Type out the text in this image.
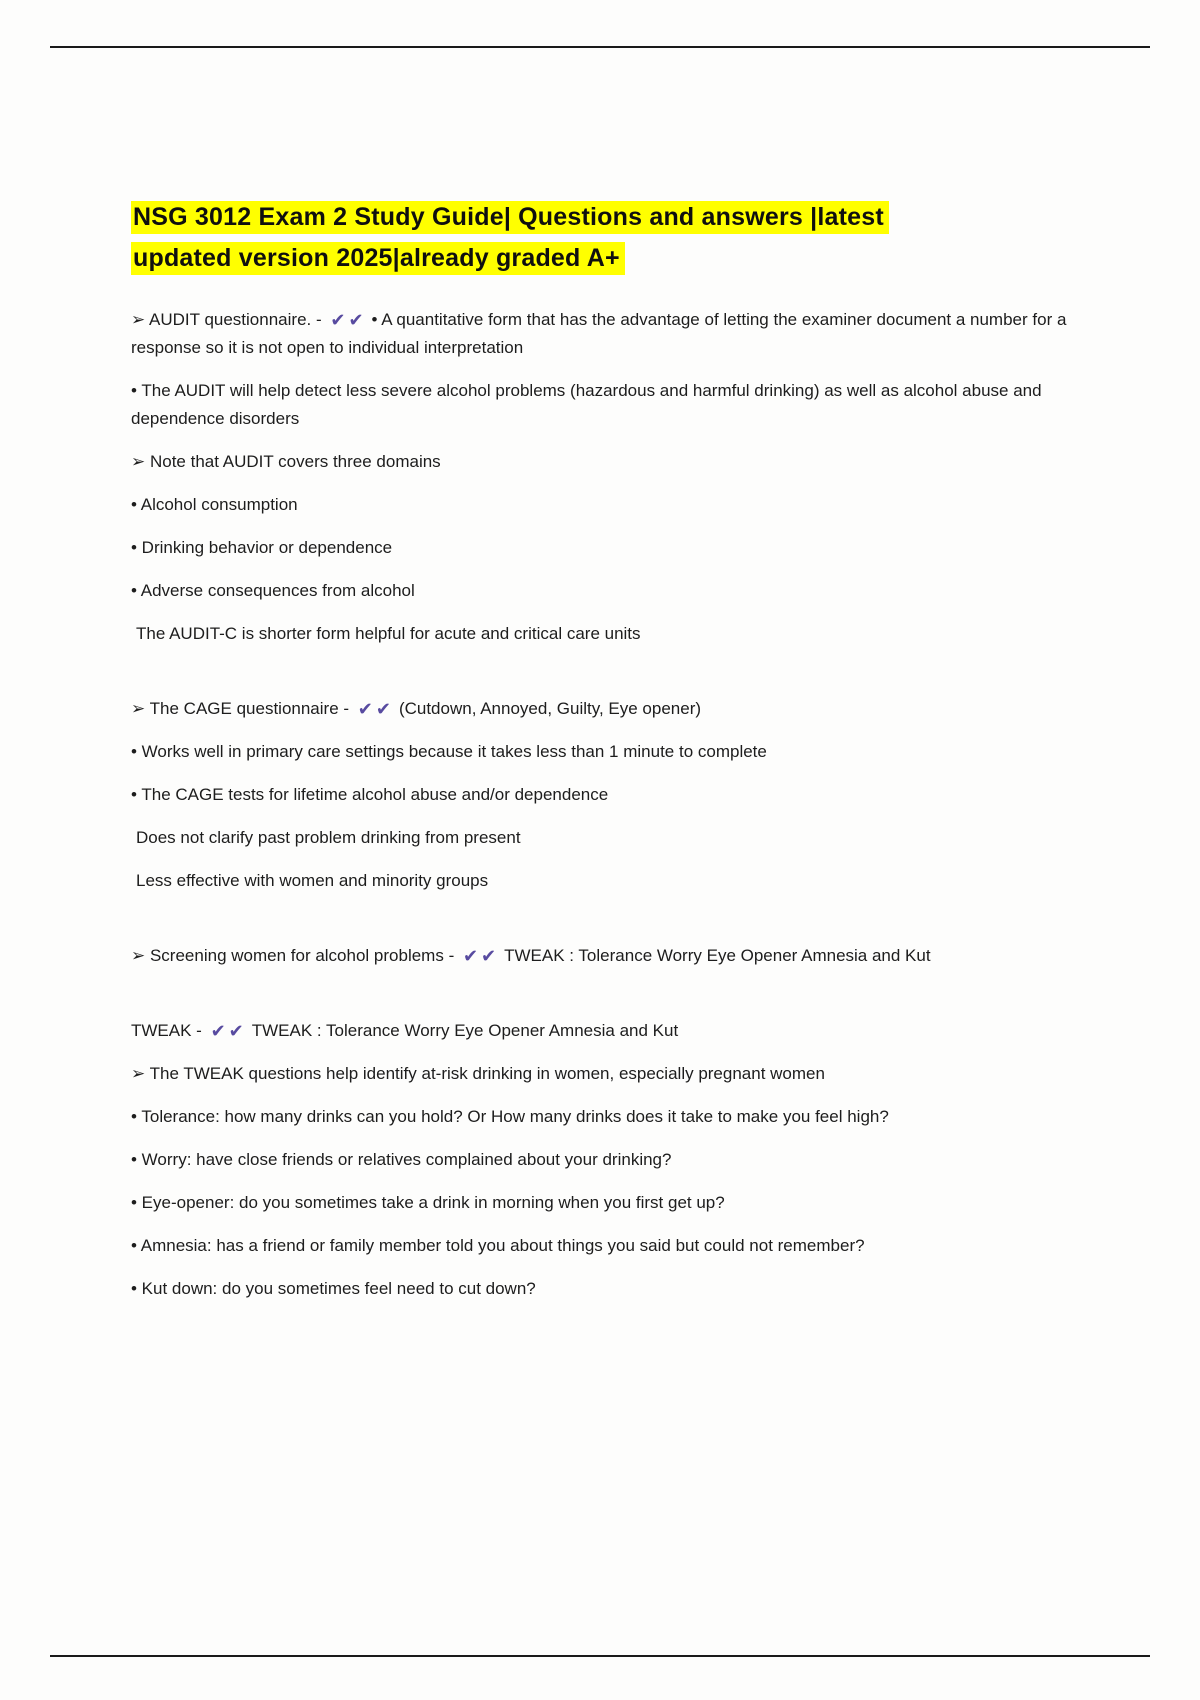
NSG 3012 Exam 2 Study Guide| Questions and answers |latest
updated version 2025|already graded A+
➢ AUDIT questionnaire. - ✔✔ • A quantitative form that has the advantage of letting the examiner document a number for a response so it is not open to individual interpretation
• The AUDIT will help detect less severe alcohol problems (hazardous and harmful drinking) as well as alcohol abuse and dependence disorders
➢ Note that AUDIT covers three domains
• Alcohol consumption
• Drinking behavior or dependence
• Adverse consequences from alcohol
The AUDIT-C is shorter form helpful for acute and critical care units
➢ The CAGE questionnaire - ✔✔ (Cutdown, Annoyed, Guilty, Eye opener)
• Works well in primary care settings because it takes less than 1 minute to complete
• The CAGE tests for lifetime alcohol abuse and/or dependence
Does not clarify past problem drinking from present
Less effective with women and minority groups
➢ Screening women for alcohol problems - ✔✔ TWEAK : Tolerance Worry Eye Opener Amnesia and Kut
TWEAK - ✔✔ TWEAK : Tolerance Worry Eye Opener Amnesia and Kut
➢ The TWEAK questions help identify at-risk drinking in women, especially pregnant women
• Tolerance: how many drinks can you hold? Or How many drinks does it take to make you feel high?
• Worry: have close friends or relatives complained about your drinking?
• Eye-opener: do you sometimes take a drink in morning when you first get up?
• Amnesia: has a friend or family member told you about things you said but could not remember?
• Kut down: do you sometimes feel need to cut down?
